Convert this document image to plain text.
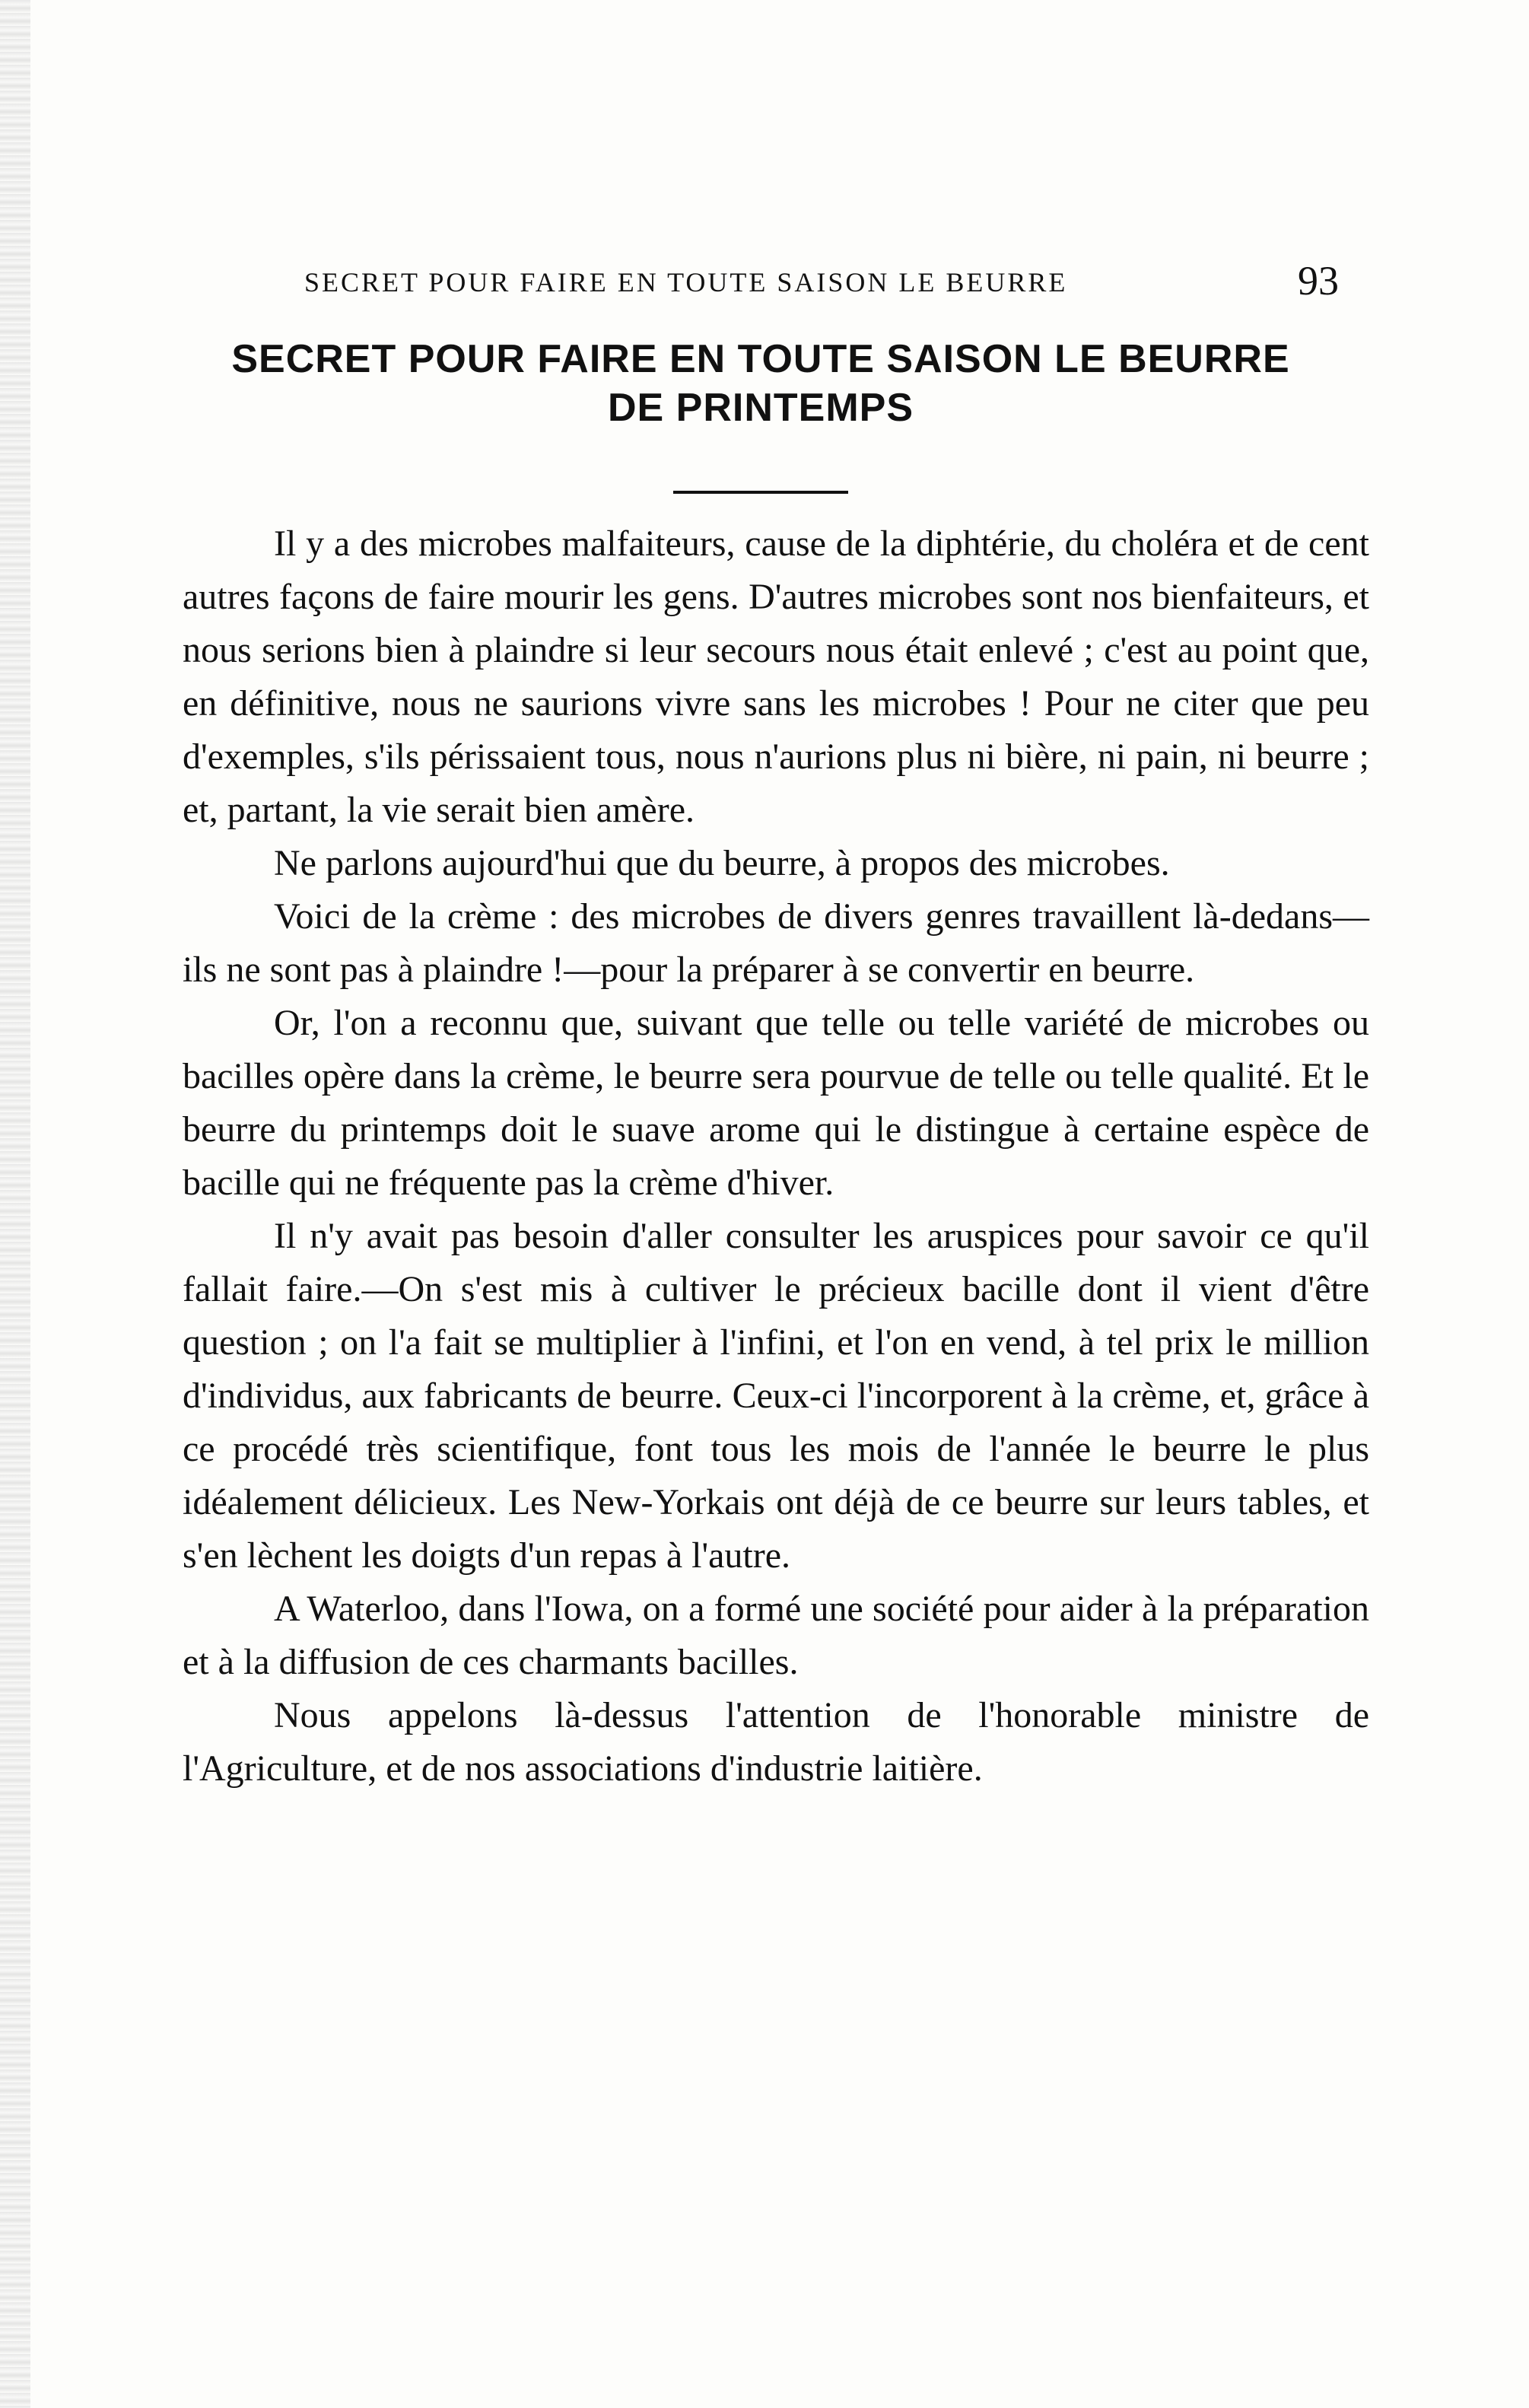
SECRET POUR FAIRE EN TOUTE SAISON LE BEURRE	93
SECRET POUR FAIRE EN TOUTE SAISON LE BEURRE
DE PRINTEMPS

Il y a des microbes malfaiteurs, cause de la diphtérie, du choléra et de cent autres façons de faire mourir les gens. D'autres microbes sont nos bienfaiteurs, et nous serions bien à plaindre si leur secours nous était enlevé ; c'est au point que, en définitive, nous ne saurions vivre sans les microbes ! Pour ne citer que peu d'exemples, s'ils périssaient tous, nous n'aurions plus ni bière, ni pain, ni beurre ; et, partant, la vie serait bien amère.

Ne parlons aujourd'hui que du beurre, à propos des microbes.

Voici de la crème : des microbes de divers genres travaillent là-dedans—ils ne sont pas à plaindre !—pour la préparer à se convertir en beurre.

Or, l'on a reconnu que, suivant que telle ou telle variété de microbes ou bacilles opère dans la crème, le beurre sera pourvue de telle ou telle qualité. Et le beurre du printemps doit le suave arome qui le distingue à certaine espèce de bacille qui ne fréquente pas la crème d'hiver.

Il n'y avait pas besoin d'aller consulter les aruspices pour savoir ce qu'il fallait faire.—On s'est mis à cultiver le précieux bacille dont il vient d'être question ; on l'a fait se multiplier à l'infini, et l'on en vend, à tel prix le million d'individus, aux fabricants de beurre. Ceux-ci l'incorporent à la crème, et, grâce à ce procédé très scientifique, font tous les mois de l'année le beurre le plus idéalement délicieux. Les New-Yorkais ont déjà de ce beurre sur leurs tables, et s'en lèchent les doigts d'un repas à l'autre.

A Waterloo, dans l'Iowa, on a formé une société pour aider à la préparation et à la diffusion de ces charmants bacilles.

Nous appelons là-dessus l'attention de l'honorable ministre de l'Agriculture, et de nos associations d'industrie laitière.
